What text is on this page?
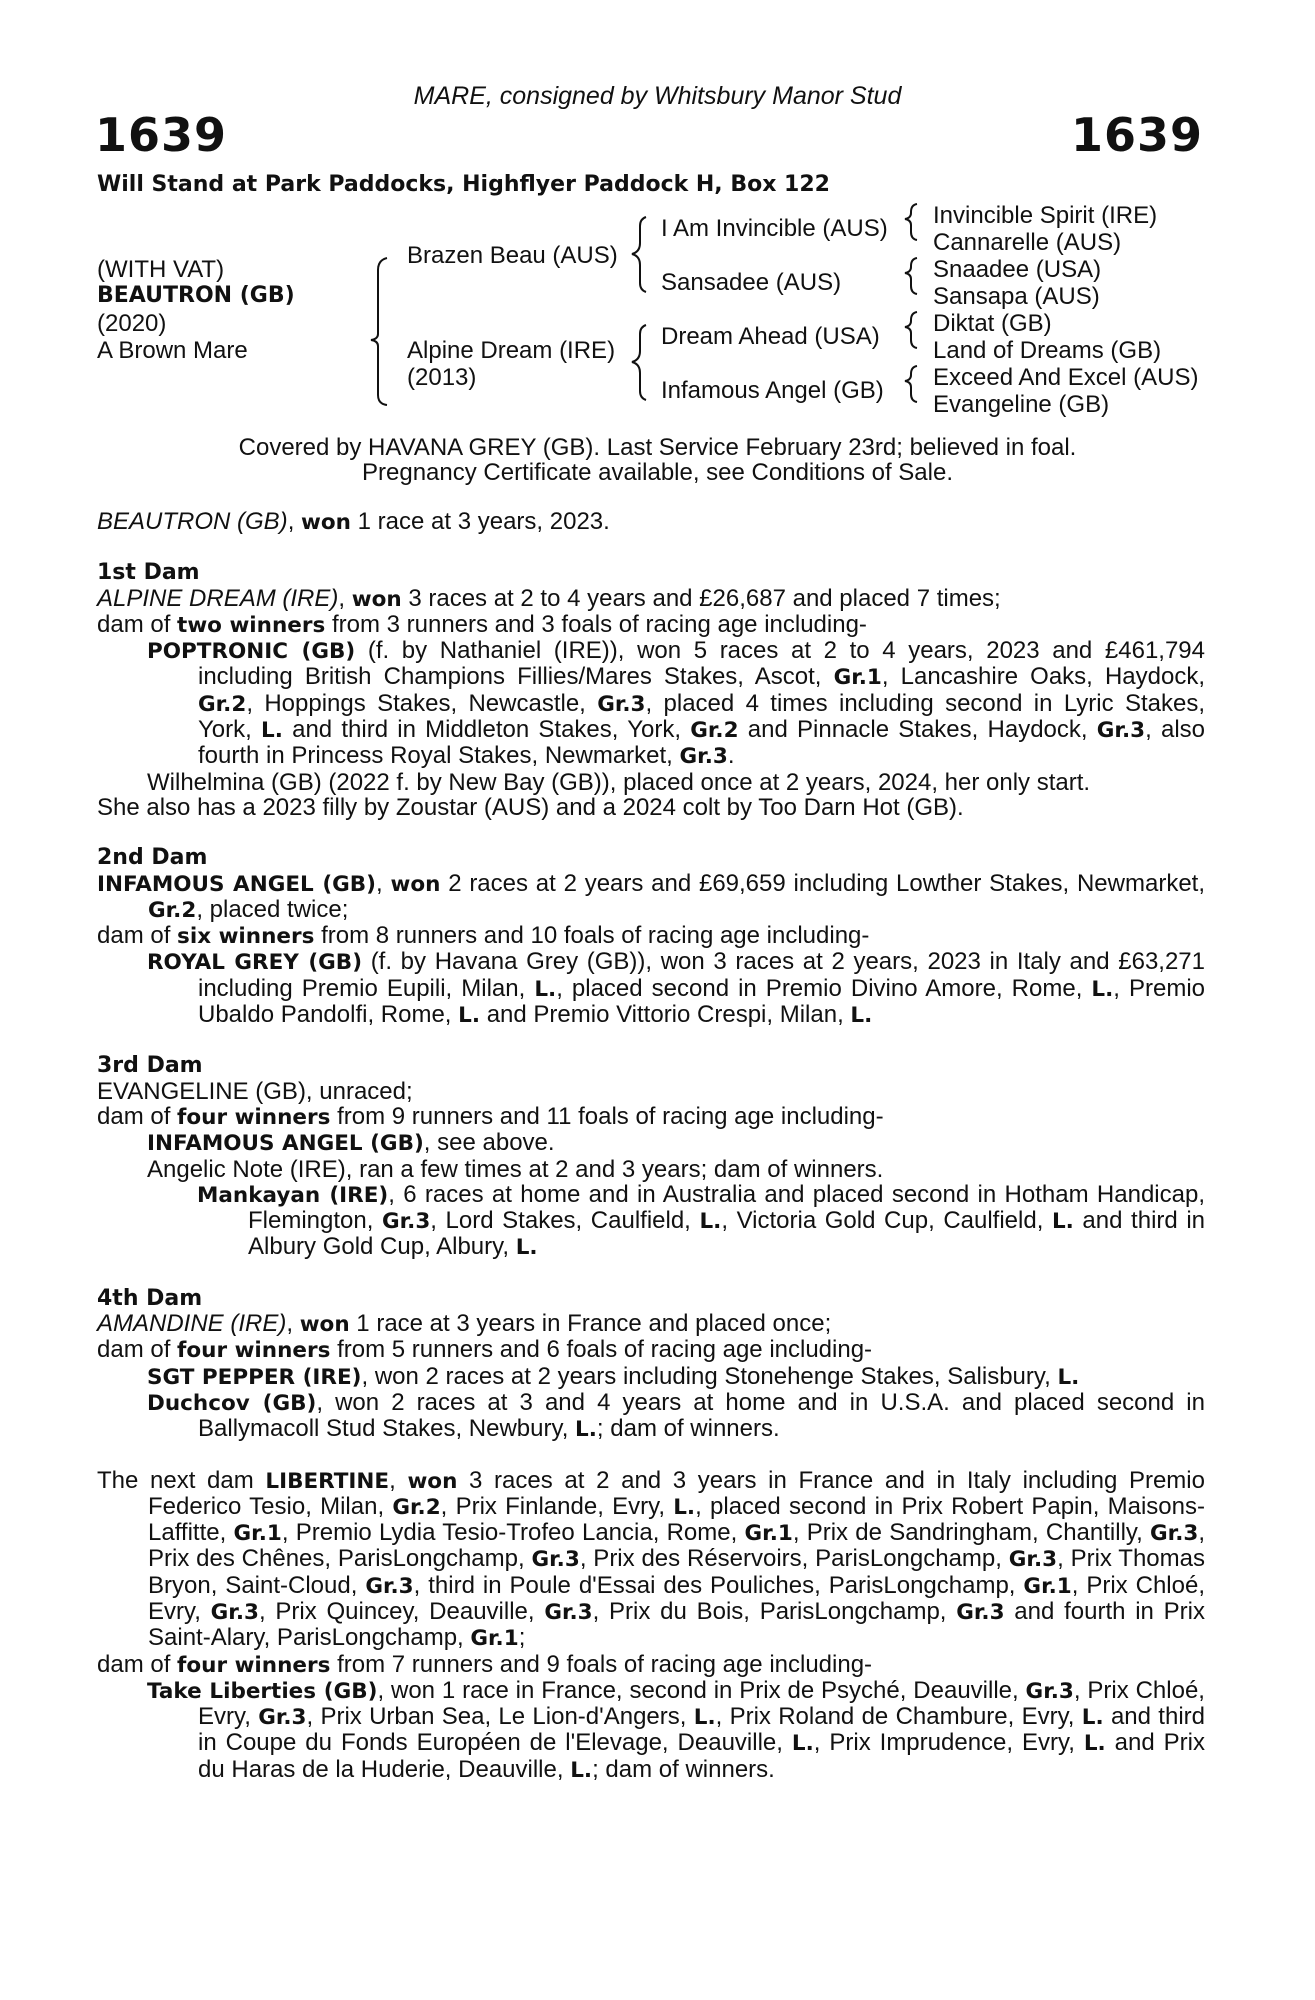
MARE, consigned by Whitsbury Manor Stud
1639	1639
Will Stand at Park Paddocks, Highflyer Paddock H, Box 122
(WITH VAT)
BEAUTRON (GB)
(2020)
A Brown Mare
Brazen Beau (AUS)
Alpine Dream (IRE)
(2013)
I Am Invincible (AUS)
Sansadee (AUS)
Dream Ahead (USA)
Infamous Angel (GB)
Invincible Spirit (IRE)
Cannarelle (AUS)
Snaadee (USA)
Sansapa (AUS)
Diktat (GB)
Land of Dreams (GB)
Exceed And Excel (AUS)
Evangeline (GB)
Covered by HAVANA GREY (GB). Last Service February 23rd; believed in foal.
Pregnancy Certificate available, see Conditions of Sale.

BEAUTRON (GB), won 1 race at 3 years, 2023.

1st Dam

ALPINE DREAM (IRE), won 3 races at 2 to 4 years and £26,687 and placed 7 times;

dam of two winners from 3 runners and 3 foals of racing age including-

POPTRONIC (GB) (f. by Nathaniel (IRE)), won 5 races at 2 to 4 years, 2023 and £461,794 including British Champions Fillies/Mares Stakes, Ascot, Gr.1, Lancashire Oaks, Haydock, Gr.2, Hoppings Stakes, Newcastle, Gr.3, placed 4 times including second in Lyric Stakes, York, L. and third in Middleton Stakes, York, Gr.2 and Pinnacle Stakes, Haydock, Gr.3, also fourth in Princess Royal Stakes, Newmarket, Gr.3.

Wilhelmina (GB) (2022 f. by New Bay (GB)), placed once at 2 years, 2024, her only start.

She also has a 2023 filly by Zoustar (AUS) and a 2024 colt by Too Darn Hot (GB).

2nd Dam

INFAMOUS ANGEL (GB), won 2 races at 2 years and £69,659 including Lowther Stakes, Newmarket, Gr.2, placed twice;

dam of six winners from 8 runners and 10 foals of racing age including-

ROYAL GREY (GB) (f. by Havana Grey (GB)), won 3 races at 2 years, 2023 in Italy and £63,271 including Premio Eupili, Milan, L., placed second in Premio Divino Amore, Rome, L., Premio Ubaldo Pandolfi, Rome, L. and Premio Vittorio Crespi, Milan, L.

3rd Dam

EVANGELINE (GB), unraced;

dam of four winners from 9 runners and 11 foals of racing age including-

INFAMOUS ANGEL (GB), see above.

Angelic Note (IRE), ran a few times at 2 and 3 years; dam of winners.

Mankayan (IRE), 6 races at home and in Australia and placed second in Hotham Handicap, Flemington, Gr.3, Lord Stakes, Caulfield, L., Victoria Gold Cup, Caulfield, L. and third in Albury Gold Cup, Albury, L.

4th Dam

AMANDINE (IRE), won 1 race at 3 years in France and placed once;

dam of four winners from 5 runners and 6 foals of racing age including-

SGT PEPPER (IRE), won 2 races at 2 years including Stonehenge Stakes, Salisbury, L.

Duchcov (GB), won 2 races at 3 and 4 years at home and in U.S.A. and placed second in Ballymacoll Stud Stakes, Newbury, L.; dam of winners.

The next dam LIBERTINE, won 3 races at 2 and 3 years in France and in Italy including Premio Federico Tesio, Milan, Gr.2, Prix Finlande, Evry, L., placed second in Prix Robert Papin, Maisons-Laffitte, Gr.1, Premio Lydia Tesio-Trofeo Lancia, Rome, Gr.1, Prix de Sandringham, Chantilly, Gr.3, Prix des Chênes, ParisLongchamp, Gr.3, Prix des Réservoirs, ParisLongchamp, Gr.3, Prix Thomas Bryon, Saint-Cloud, Gr.3, third in Poule d'Essai des Pouliches, ParisLongchamp, Gr.1, Prix Chloé, Evry, Gr.3, Prix Quincey, Deauville, Gr.3, Prix du Bois, ParisLongchamp, Gr.3 and fourth in Prix Saint-Alary, ParisLongchamp, Gr.1;

dam of four winners from 7 runners and 9 foals of racing age including-

Take Liberties (GB), won 1 race in France, second in Prix de Psyché, Deauville, Gr.3, Prix Chloé, Evry, Gr.3, Prix Urban Sea, Le Lion-d'Angers, L., Prix Roland de Chambure, Evry, L. and third in Coupe du Fonds Européen de l'Elevage, Deauville, L., Prix Imprudence, Evry, L. and Prix du Haras de la Huderie, Deauville, L.; dam of winners.
